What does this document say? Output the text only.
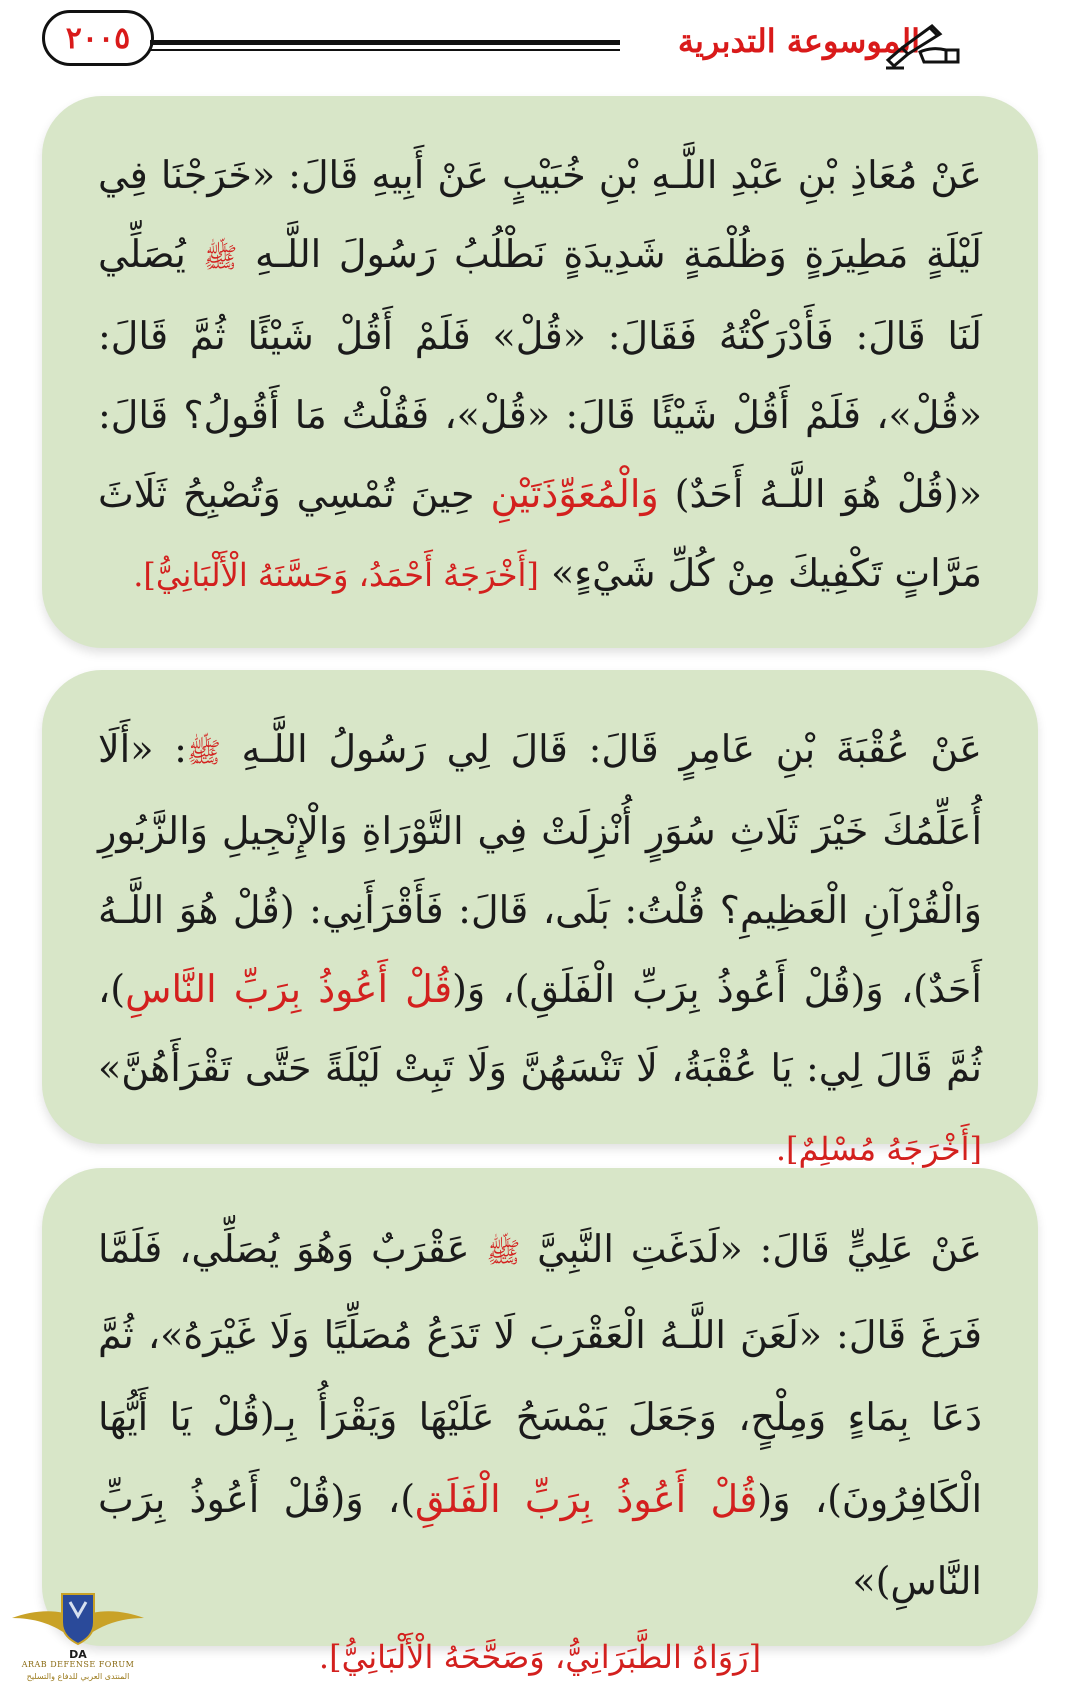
٢٠٠٥	الموسوعة التدبرية

عَنْ مُعَاذِ بْنِ عَبْدِ اللَّـهِ بْنِ خُبَيْبٍ عَنْ أَبِيهِ قَالَ: «خَرَجْنَا فِي لَيْلَةٍ مَطِيرَةٍ وَظُلْمَةٍ شَدِيدَةٍ نَطْلُبُ رَسُولَ اللَّـهِ ﷺ يُصَلِّي لَنَا قَالَ: فَأَدْرَكْتُهُ فَقَالَ: «قُلْ» فَلَمْ أَقُلْ شَيْئًا ثُمَّ قَالَ: «قُلْ»، فَلَمْ أَقُلْ شَيْئًا قَالَ: «قُلْ»، فَقُلْتُ مَا أَقُولُ؟ قَالَ: «(قُلْ هُوَ اللَّـهُ أَحَدٌ) وَالْمُعَوِّذَتَيْنِ حِينَ تُمْسِي وَتُصْبِحُ ثَلَاثَ مَرَّاتٍ تَكْفِيكَ مِنْ كُلِّ شَيْءٍ» [أَخْرَجَهُ أَحْمَدُ، وَحَسَّنَهُ الْأَلْبَانِيُّ].

عَنْ عُقْبَةَ بْنِ عَامِرٍ قَالَ: قَالَ لِي رَسُولُ اللَّـهِ ﷺ: «أَلَا أُعَلِّمُكَ خَيْرَ ثَلَاثِ سُوَرٍ أُنْزِلَتْ فِي التَّوْرَاةِ وَالْإِنْجِيلِ وَالزَّبُورِ وَالْقُرْآنِ الْعَظِيمِ؟ قُلْتُ: بَلَى، قَالَ: فَأَقْرَأَنِي: (قُلْ هُوَ اللَّـهُ أَحَدٌ)، وَ(قُلْ أَعُوذُ بِرَبِّ الْفَلَقِ)، وَ(قُلْ أَعُوذُ بِرَبِّ النَّاسِ)، ثُمَّ قَالَ لِي: يَا عُقْبَةُ، لَا تَنْسَهُنَّ وَلَا تَبِتْ لَيْلَةً حَتَّى تَقْرَأَهُنَّ» [أَخْرَجَهُ مُسْلِمٌ].

عَنْ عَلِيٍّ قَالَ: «لَدَغَتِ النَّبِيَّ ﷺ عَقْرَبٌ وَهُوَ يُصَلِّي، فَلَمَّا فَرَغَ قَالَ: «لَعَنَ اللَّـهُ الْعَقْرَبَ لَا تَدَعُ مُصَلِّيًا وَلَا غَيْرَهُ»، ثُمَّ دَعَا بِمَاءٍ وَمِلْحٍ، وَجَعَلَ يَمْسَحُ عَلَيْهَا وَيَقْرَأُ بِـ(قُلْ يَا أَيُّهَا الْكَافِرُونَ)، وَ(قُلْ أَعُوذُ بِرَبِّ الْفَلَقِ)، وَ(قُلْ أَعُوذُ بِرَبِّ النَّاسِ)»

[رَوَاهُ الطَّبَرَانِيُّ، وَصَحَّحَهُ الْأَلْبَانِيُّ].

DA
ARAB DEFENSE FORUM
المنتدى العربي للدفاع والتسليح
